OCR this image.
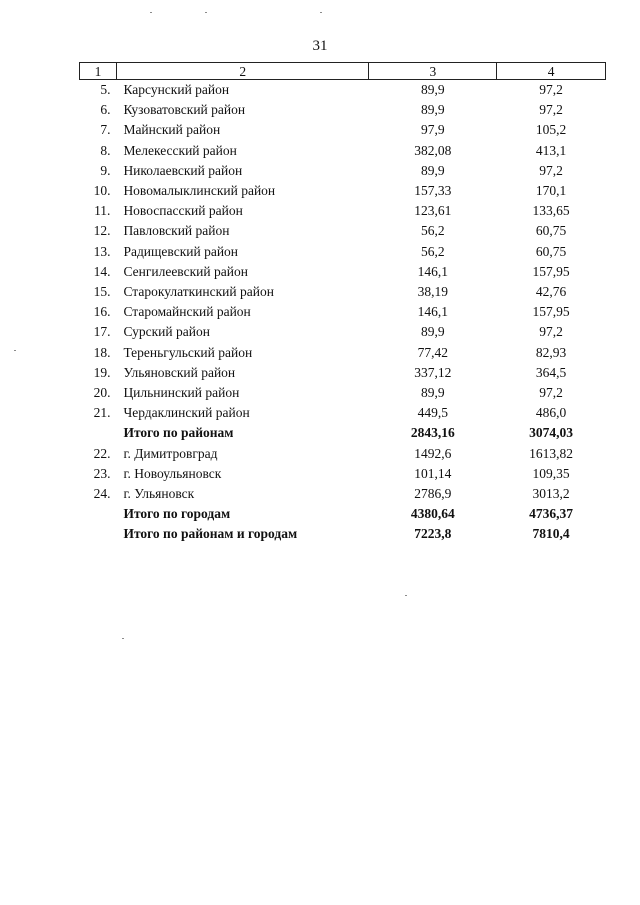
31
1	2	3	4
5.	Карсунский район	89,9	97,2
6.	Кузоватовский район	89,9	97,2
7.	Майнский район	97,9	105,2
8.	Мелекесский район	382,08	413,1
9.	Николаевский район	89,9	97,2
10.	Новомалыклинский район	157,33	170,1
11.	Новоспасский район	123,61	133,65
12.	Павловский район	56,2	60,75
13.	Радищевский район	56,2	60,75
14.	Сенгилеевский район	146,1	157,95
15.	Старокулаткинский район	38,19	42,76
16.	Старомайнский район	146,1	157,95
17.	Сурский район	89,9	97,2
18.	Тереньгульский район	77,42	82,93
19.	Ульяновский район	337,12	364,5
20.	Цильнинский район	89,9	97,2
21.	Чердаклинский район	449,5	486,0
	Итого по районам	2843,16	3074,03
22.	г. Димитровград	1492,6	1613,82
23.	г. Новоульяновск	101,14	109,35
24.	г. Ульяновск	2786,9	3013,2
	Итого по городам	4380,64	4736,37
	Итого по районам и городам	7223,8	7810,4
